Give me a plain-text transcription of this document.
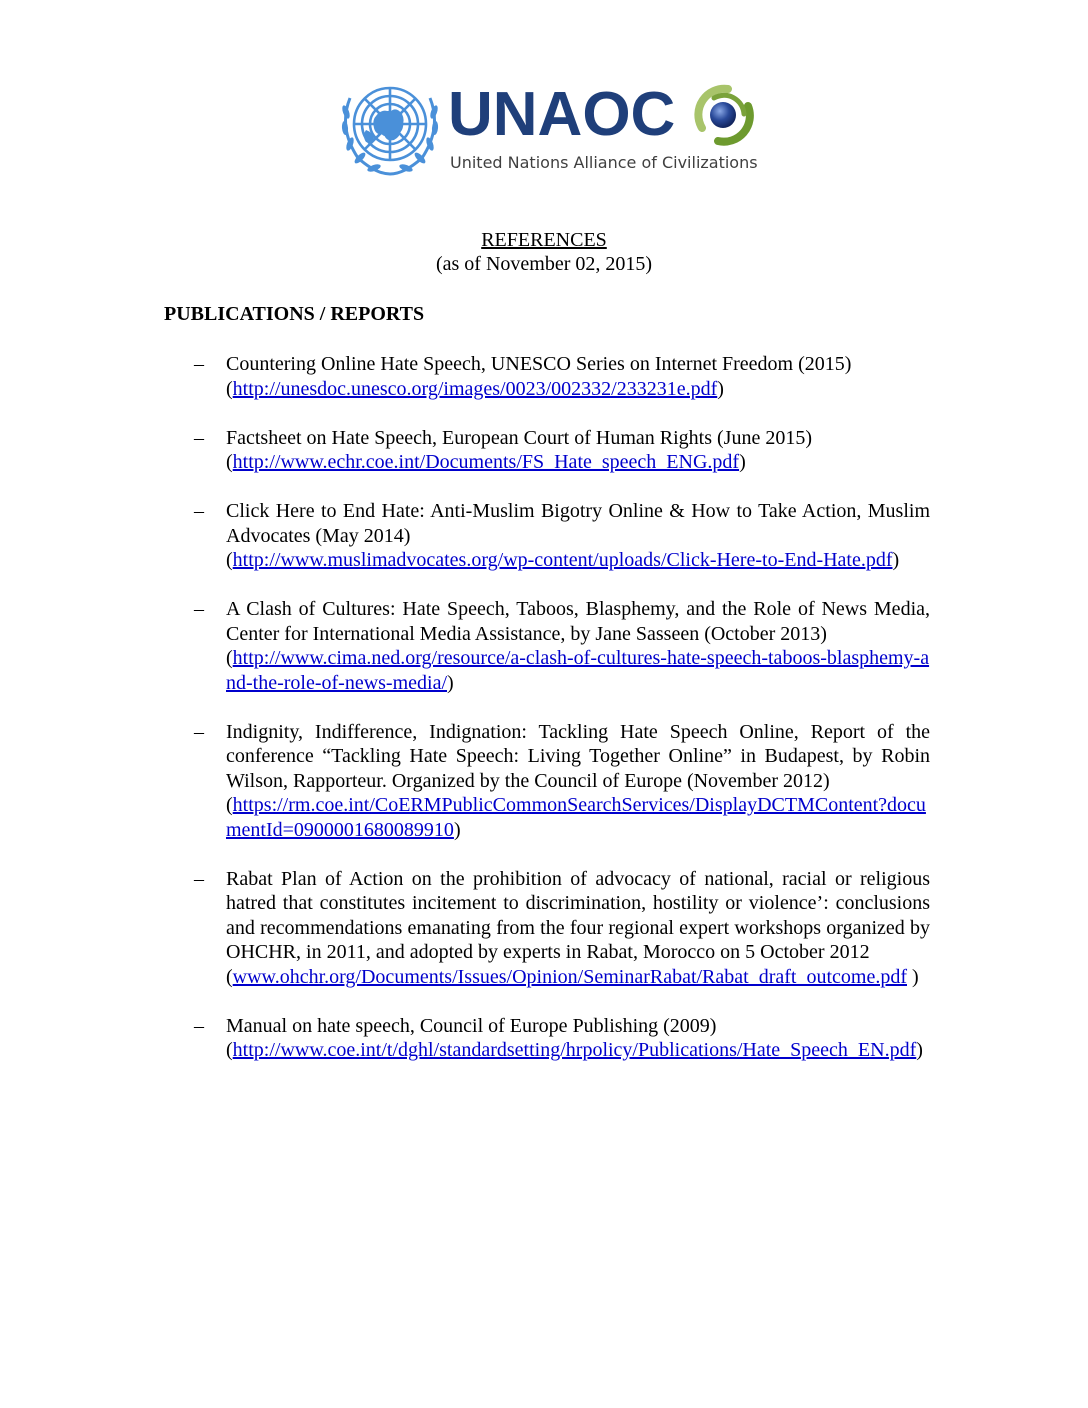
UNAOC
United Nations Alliance of Civilizations
REFERENCES
(as of November 02, 2015)
PUBLICATIONS / REPORTS
– Countering Online Hate Speech, UNESCO Series on Internet Freedom (2015)
(http://unesdoc.unesco.org/images/0023/002332/233231e.pdf)
– Factsheet on Hate Speech, European Court of Human Rights (June 2015)
(http://www.echr.coe.int/Documents/FS_Hate_speech_ENG.pdf)
– Click Here to End Hate: Anti-Muslim Bigotry Online & How to Take Action, Muslim Advocates (May 2014)
(http://www.muslimadvocates.org/wp-content/uploads/Click-Here-to-End-Hate.pdf)
– A Clash of Cultures: Hate Speech, Taboos, Blasphemy, and the Role of News Media, Center for International Media Assistance, by Jane Sasseen (October 2013)
(http://www.cima.ned.org/resource/a-clash-of-cultures-hate-speech-taboos-blasphemy-and-the-role-of-news-media/)
– Indignity, Indifference, Indignation: Tackling Hate Speech Online, Report of the conference “Tackling Hate Speech: Living Together Online” in Budapest, by Robin Wilson, Rapporteur. Organized by the Council of Europe (November 2012)
(https://rm.coe.int/CoERMPublicCommonSearchServices/DisplayDCTMContent?documentId=0900001680089910)
– Rabat Plan of Action on the prohibition of advocacy of national, racial or religious hatred that constitutes incitement to discrimination, hostility or violence’: conclusions and recommendations emanating from the four regional expert workshops organized by OHCHR, in 2011, and adopted by experts in Rabat, Morocco on 5 October 2012
(www.ohchr.org/Documents/Issues/Opinion/SeminarRabat/Rabat_draft_outcome.pdf )
– Manual on hate speech, Council of Europe Publishing (2009)
(http://www.coe.int/t/dghl/standardsetting/hrpolicy/Publications/Hate_Speech_EN.pdf)
